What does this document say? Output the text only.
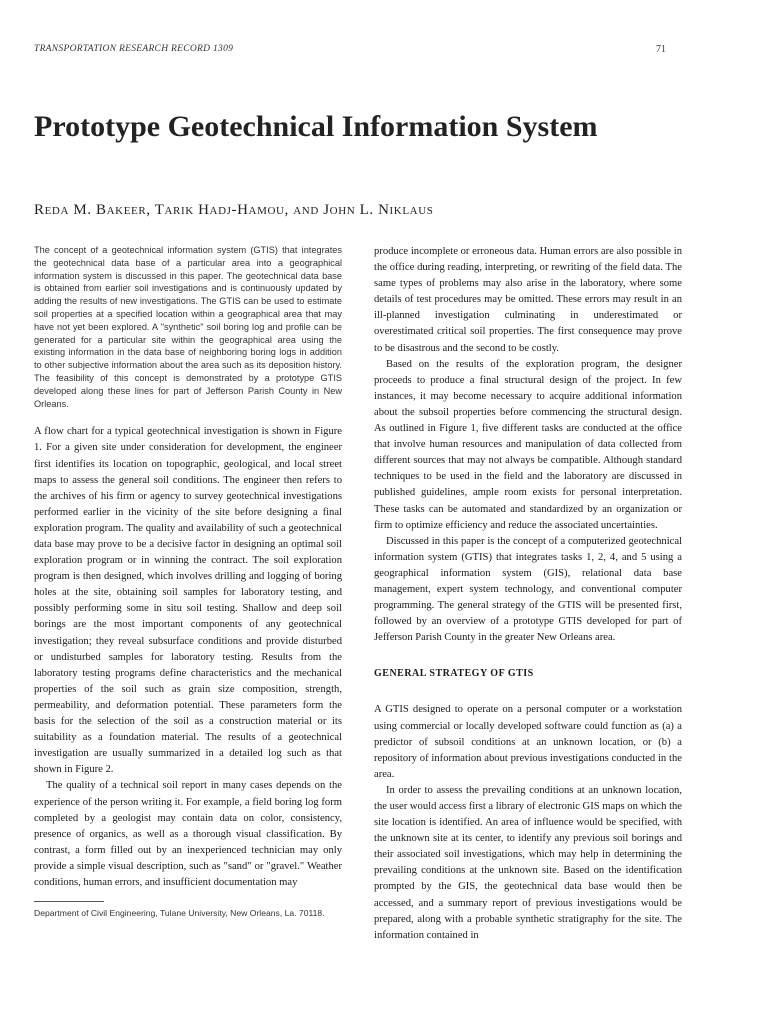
TRANSPORTATION RESEARCH RECORD 1309	71
Prototype Geotechnical Information System
Reda M. Bakeer, Tarik Hadj-Hamou, and John L. Niklaus

The concept of a geotechnical information system (GTIS) that integrates the geotechnical data base of a particular area into a geographical information system is discussed in this paper. The geotechnical data base is obtained from earlier soil investigations and is continuously updated by adding the results of new investigations. The GTIS can be used to estimate soil properties at a specified location within a geographical area that may have not yet been explored. A "synthetic" soil boring log and profile can be generated for a particular site within the geographical area using the existing information in the data base of neighboring boring logs in addition to other subjective information about the area such as its deposition history. The feasibility of this concept is demonstrated by a prototype GTIS developed along these lines for part of Jefferson Parish County in New Orleans.

A flow chart for a typical geotechnical investigation is shown in Figure 1. For a given site under consideration for development, the engineer first identifies its location on topographic, geological, and local street maps to assess the general soil conditions. The engineer then refers to the archives of his firm or agency to survey geotechnical investigations performed earlier in the vicinity of the site before designing a final exploration program. The quality and availability of such a geotechnical data base may prove to be a decisive factor in designing an optimal soil exploration program or in winning the contract. The soil exploration program is then designed, which involves drilling and logging of boring holes at the site, obtaining soil samples for laboratory testing, and possibly performing some in situ soil testing. Shallow and deep soil borings are the most important components of any geotechnical investigation; they reveal subsurface conditions and provide disturbed or undisturbed samples for laboratory testing. Results from the laboratory testing programs define characteristics and the mechanical properties of the soil such as grain size composition, strength, permeability, and deformation potential. These parameters form the basis for the selection of the soil as a construction material or its suitability as a foundation material. The results of a geotechnical investigation are usually summarized in a detailed log such as that shown in Figure 2.

The quality of a technical soil report in many cases depends on the experience of the person writing it. For example, a field boring log form completed by a geologist may contain data on color, consistency, presence of organics, as well as a thorough visual classification. By contrast, a form filled out by an inexperienced technician may only provide a simple visual description, such as "sand" or "gravel." Weather conditions, human errors, and insufficient documentation may

Department of Civil Engineering, Tulane University, New Orleans, La. 70118.

produce incomplete or erroneous data. Human errors are also possible in the office during reading, interpreting, or rewriting of the field data. The same types of problems may also arise in the laboratory, where some details of test procedures may be omitted. These errors may result in an ill-planned investigation culminating in underestimated or overestimated critical soil properties. The first consequence may prove to be disastrous and the second to be costly.

Based on the results of the exploration program, the designer proceeds to produce a final structural design of the project. In few instances, it may become necessary to acquire additional information about the subsoil properties before commencing the structural design. As outlined in Figure 1, five different tasks are conducted at the office that involve human resources and manipulation of data collected from different sources that may not always be compatible. Although standard techniques to be used in the field and the laboratory are discussed in published guidelines, ample room exists for personal interpretation. These tasks can be automated and standardized by an organization or firm to optimize efficiency and reduce the associated uncertainties.

Discussed in this paper is the concept of a computerized geotechnical information system (GTIS) that integrates tasks 1, 2, 4, and 5 using a geographical information system (GIS), relational data base management, expert system technology, and conventional computer programming. The general strategy of the GTIS will be presented first, followed by an overview of a prototype GTIS developed for part of Jefferson Parish County in the greater New Orleans area.

GENERAL STRATEGY OF GTIS

A GTIS designed to operate on a personal computer or a workstation using commercial or locally developed software could function as (a) a predictor of subsoil conditions at an unknown location, or (b) a repository of information about previous investigations conducted in the area.

In order to assess the prevailing conditions at an unknown location, the user would access first a library of electronic GIS maps on which the site location is identified. An area of influence would be specified, with the unknown site at its center, to identify any previous soil borings and their associated soil investigations, which may help in determining the prevailing conditions at the unknown site. Based on the identification prompted by the GIS, the geotechnical data base would then be accessed, and a summary report of previous investigations would be prepared, along with a probable synthetic stratigraphy for the site. The information contained in
